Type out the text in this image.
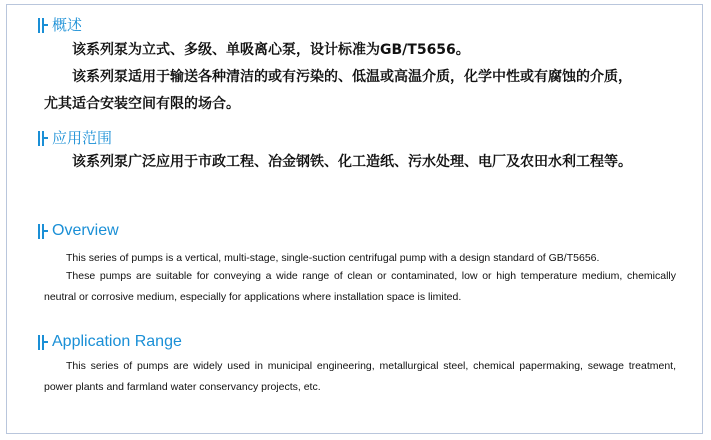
概述
该系列泵为立式、多级、单吸离心泵，设计标准为GB/T5656。
该系列泵适用于输送各种清洁的或有污染的、低温或高温介质，化学中性或有腐蚀的介质，
尤其适合安装空间有限的场合。
应用范围
该系列泵广泛应用于市政工程、冶金钢铁、化工造纸、污水处理、电厂及农田水利工程等。
Overview

This series of pumps is a vertical, multi-stage, single-suction centrifugal pump with a design standard of GB/T5656.

These pumps are suitable for conveying a wide range of clean or contaminated, low or high temperature medium, chemically neutral or corrosive medium, especially for applications where installation space is limited.

Application Range

This series of pumps are widely used in municipal engineering, metallurgical steel, chemical papermaking, sewage treatment, power plants and farmland water conservancy projects, etc.
